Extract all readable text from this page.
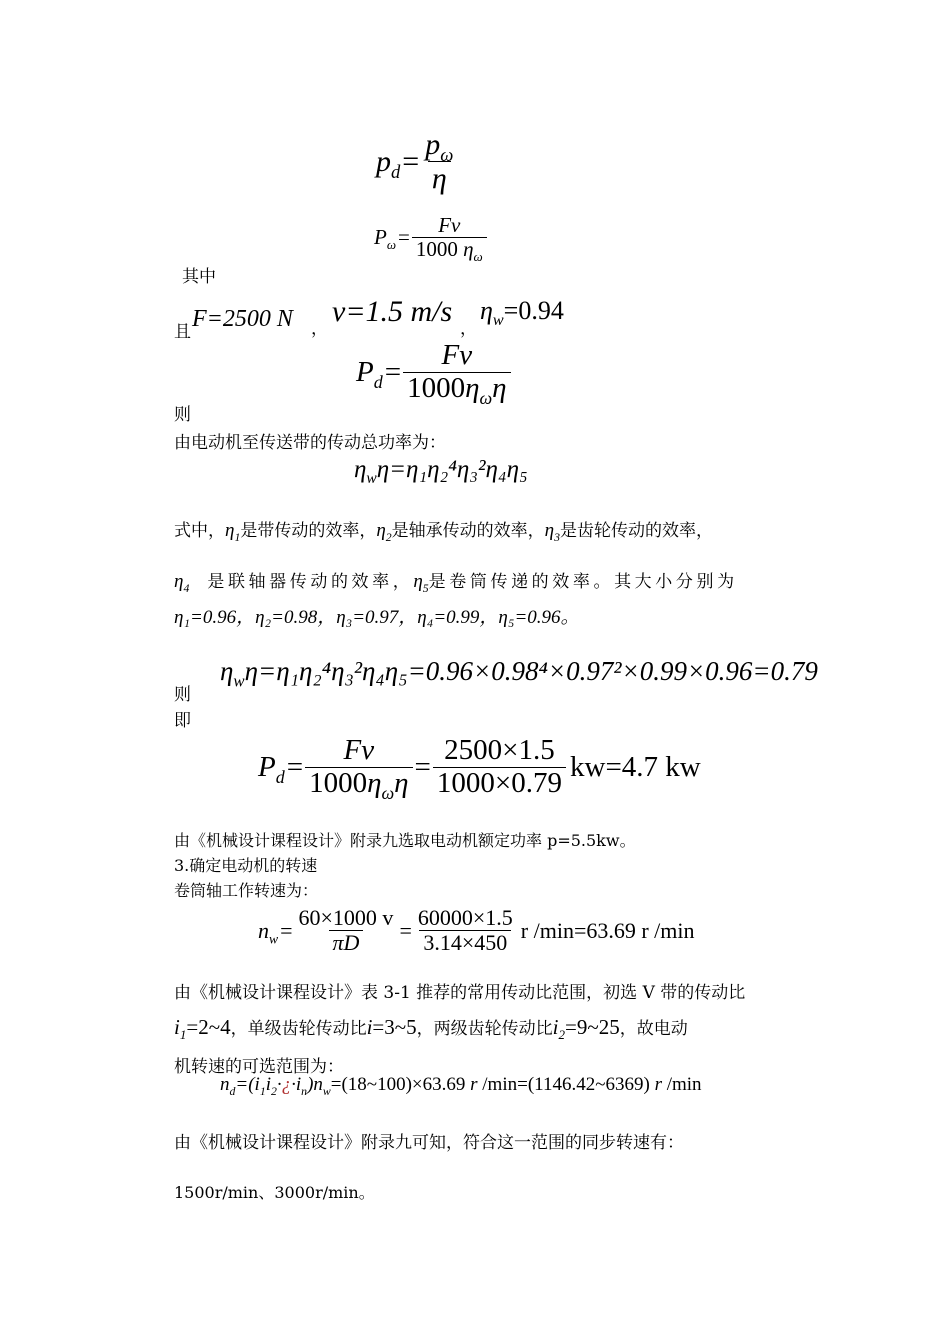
$p_d = \frac{p_\omega}{\eta}$
$P_\omega = \frac{Fv}{1000 \eta_\omega}$
其中
且 F=2500 N ，
v=1.5 m/s
，
$\eta_w=0.94$
$P_d = \frac{Fv}{1000\eta_\omega\eta}$
则
由电动机至传送带的传动总功率为：
$\eta_w\eta=\eta_1\eta_2^4\eta_3^2\eta_4\eta_5$
式中，$\eta_1$是带传动的效率，$\eta_2$是轴承传动的效率，$\eta_3$是齿轮传动的效率，
$\eta_4$ 是联轴器传动的效率，$\eta_5$是卷筒传递的效率。其大小分别为
η₁=0.96，η₂=0.98，η₃=0.97，η₄=0.99，η₅=0.96。
则
即
$\eta_w\eta=\eta_1\eta_2^4\eta_3^2\eta_4\eta_5=0.96\times 0.98^4\times 0.97^2\times 0.99\times 0.96=0.79$
$P_d = \frac{Fv}{1000\eta_\omega\eta} = \frac{2500\times 1.5}{1000\times 0.79} kw=4.7$ kw
由《机械设计课程设计》附录九选取电动机额定功率 p=5.5kw。
3.确定电动机的转速
卷筒轴工作转速为：
$n_w = \frac{60\times 1000 v}{\pi D} = \frac{60000\times 1.5}{3.14\times 450}$ r /min=63.69 r /min
由《机械设计课程设计》表 3-1 推荐的常用传动比范围，初选 V 带的传动比
$i_1=2\sim 4$，单级齿轮传动比i=3~5，两级齿轮传动比$i_2=9\sim 25$，故电动
机转速的可选范围为：
$n_d=(i_1i_2\cdot¿\cdot i_n)n_w=(18\sim 100)\times 63.69$ r /min=(1146.42~6369) r /min
由《机械设计课程设计》附录九可知，符合这一范围的同步转速有：
1500r/min、3000r/min。
